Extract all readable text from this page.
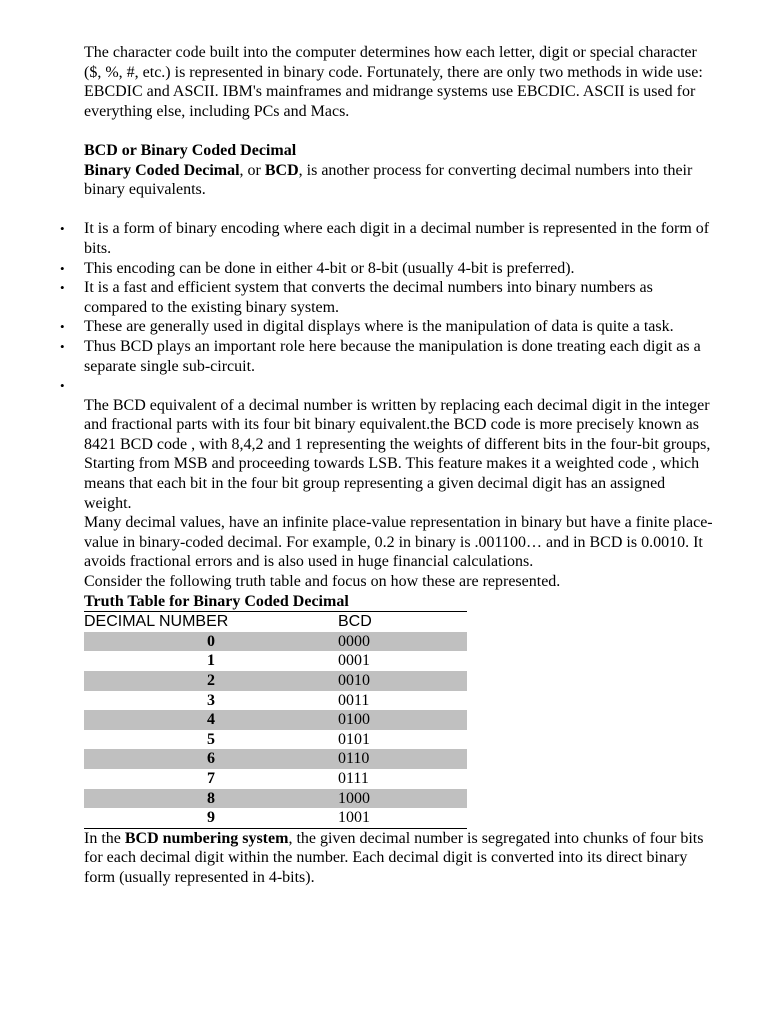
The character code built into the computer determines how each letter, digit or special character ($, %, #, etc.) is represented in binary code. Fortunately, there are only two methods in wide use: EBCDIC and ASCII. IBM's mainframes and midrange systems use EBCDIC. ASCII is used for everything else, including PCs and Macs.

BCD or Binary Coded Decimal

Binary Coded Decimal, or BCD, is another process for converting decimal numbers into their binary equivalents.

• It is a form of binary encoding where each digit in a decimal number is represented in the form of bits.
• This encoding can be done in either 4-bit or 8-bit (usually 4-bit is preferred).
• It is a fast and efficient system that converts the decimal numbers into binary numbers as compared to the existing binary system.
• These are generally used in digital displays where is the manipulation of data is quite a task.
• Thus BCD plays an important role here because the manipulation is done treating each digit as a separate single sub-circuit.
•

The BCD equivalent of a decimal number is written by replacing each decimal digit in the integer and fractional parts with its four bit binary equivalent.the BCD code is more precisely known as 8421 BCD code , with 8,4,2 and 1 representing the weights of different bits in the four-bit groups, Starting from MSB and proceeding towards LSB. This feature makes it a weighted code , which means that each bit in the four bit group representing a given decimal digit has an assigned weight.

Many decimal values, have an infinite place-value representation in binary but have a finite place-value in binary-coded decimal. For example, 0.2 in binary is .001100… and in BCD is 0.0010. It avoids fractional errors and is also used in huge financial calculations.

Consider the following truth table and focus on how these are represented.

Truth Table for Binary Coded Decimal
DECIMAL NUMBER	BCD
0	0000
1	0001
2	0010
3	0011
4	0100
5	0101
6	0110
7	0111
8	1000
9	1001

In the BCD numbering system, the given decimal number is segregated into chunks of four bits for each decimal digit within the number. Each decimal digit is converted into its direct binary form (usually represented in 4-bits).
